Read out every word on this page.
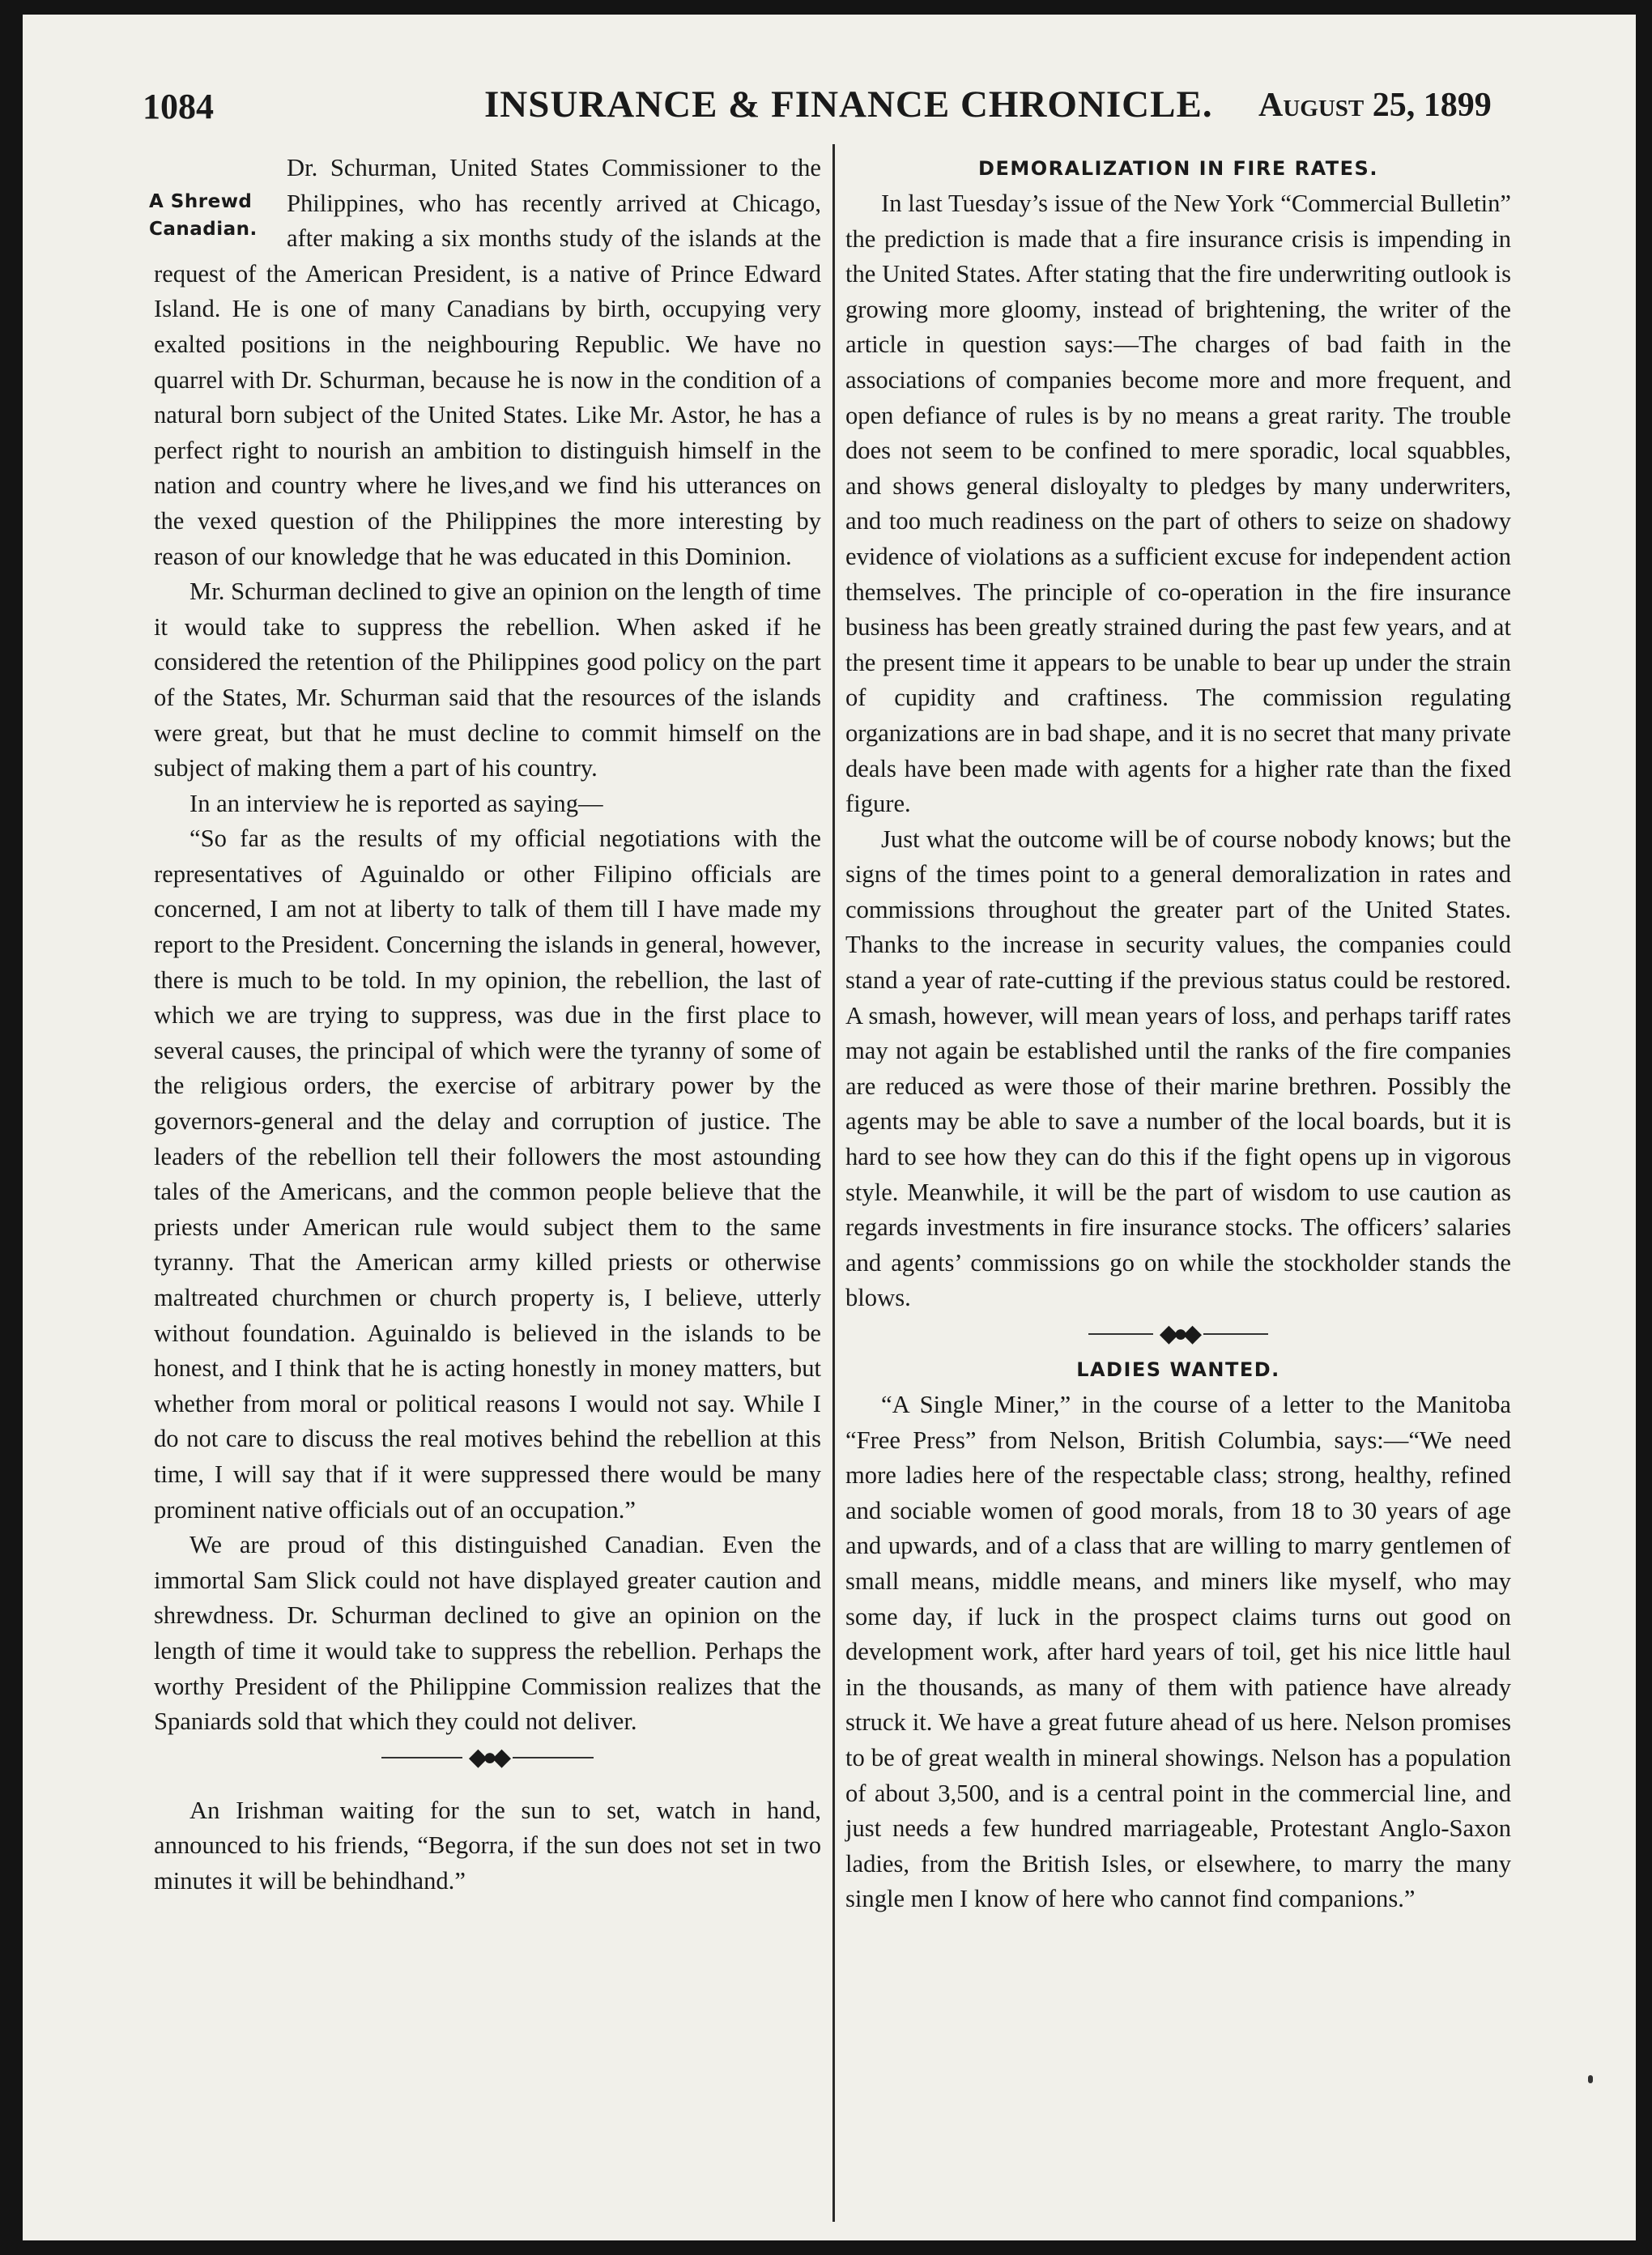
1084	INSURANCE & FINANCE CHRONICLE. August 25, 1899
A Shrewd
Canadian.

Dr. Schurman, United States Commissioner to the Philippines, who has recently arrived at Chicago, after making a six months study of the islands at the request of the American President, is a native of Prince Edward Island. He is one of many Canadians by birth, occupying very exalted positions in the neighbouring Republic. We have no quarrel with Dr. Schurman, because he is now in the condition of a natural born subject of the United States. Like Mr. Astor, he has a perfect right to nourish an ambition to distinguish himself in the nation and country where he lives,and we find his utterances on the vexed question of the Philippines the more interesting by reason of our knowledge that he was educated in this Dominion.

Mr. Schurman declined to give an opinion on the length of time it would take to suppress the rebellion. When asked if he considered the retention of the Philippines good policy on the part of the States, Mr. Schurman said that the resources of the islands were great, but that he must decline to commit himself on the subject of making them a part of his country.

In an interview he is reported as saying—

“So far as the results of my official negotiations with the representatives of Aguinaldo or other Filipino officials are concerned, I am not at liberty to talk of them till I have made my report to the President. Concerning the islands in general, however, there is much to be told. In my opinion, the rebellion, the last of which we are trying to suppress, was due in the first place to several causes, the principal of which were the tyranny of some of the religious orders, the exercise of arbitrary power by the governors-general and the delay and corruption of justice. The leaders of the rebellion tell their followers the most astounding tales of the Americans, and the common people believe that the priests under American rule would subject them to the same tyranny. That the American army killed priests or otherwise maltreated churchmen or church property is, I believe, utterly without foundation. Aguinaldo is believed in the islands to be honest, and I think that he is acting honestly in money matters, but whether from moral or political reasons I would not say. While I do not care to discuss the real motives behind the rebellion at this time, I will say that if it were suppressed there would be many prominent native officials out of an occupation.”

We are proud of this distinguished Canadian. Even the immortal Sam Slick could not have displayed greater caution and shrewdness. Dr. Schurman declined to give an opinion on the length of time it would take to suppress the rebellion. Perhaps the worthy President of the Philippine Commission realizes that the Spaniards sold that which they could not deliver.

◆●◆

An Irishman waiting for the sun to set, watch in hand, announced to his friends, “Begorra, if the sun does not set in two minutes it will be behindhand.”

DEMORALIZATION IN FIRE RATES.

In last Tuesday’s issue of the New York “Commercial Bulletin” the prediction is made that a fire insurance crisis is impending in the United States. After stating that the fire underwriting outlook is growing more gloomy, instead of brightening, the writer of the article in question says:—The charges of bad faith in the associations of companies become more and more frequent, and open defiance of rules is by no means a great rarity. The trouble does not seem to be confined to mere sporadic, local squabbles, and shows general disloyalty to pledges by many underwriters, and too much readiness on the part of others to seize on shadowy evidence of violations as a sufficient excuse for independent action themselves. The principle of co-operation in the fire insurance business has been greatly strained during the past few years, and at the present time it appears to be unable to bear up under the strain of cupidity and craftiness. The commission regulating organizations are in bad shape, and it is no secret that many private deals have been made with agents for a higher rate than the fixed figure.

Just what the outcome will be of course nobody knows; but the signs of the times point to a general demoralization in rates and commissions throughout the greater part of the United States. Thanks to the increase in security values, the companies could stand a year of rate-cutting if the previous status could be restored. A smash, however, will mean years of loss, and perhaps tariff rates may not again be established until the ranks of the fire companies are reduced as were those of their marine brethren. Possibly the agents may be able to save a number of the local boards, but it is hard to see how they can do this if the fight opens up in vigorous style. Meanwhile, it will be the part of wisdom to use caution as regards investments in fire insurance stocks. The officers’ salaries and agents’ commissions go on while the stockholder stands the blows.

◆●◆
LADIES WANTED.

“A Single Miner,” in the course of a letter to the Manitoba “Free Press” from Nelson, British Columbia, says:—“We need more ladies here of the respectable class; strong, healthy, refined and sociable women of good morals, from 18 to 30 years of age and upwards, and of a class that are willing to marry gentlemen of small means, middle means, and miners like myself, who may some day, if luck in the prospect claims turns out good on development work, after hard years of toil, get his nice little haul in the thousands, as many of them with patience have already struck it. We have a great future ahead of us here. Nelson promises to be of great wealth in mineral showings. Nelson has a population of about 3,500, and is a central point in the commercial line, and just needs a few hundred marriageable, Protestant Anglo-Saxon ladies, from the British Isles, or elsewhere, to marry the many single men I know of here who cannot find companions.”
